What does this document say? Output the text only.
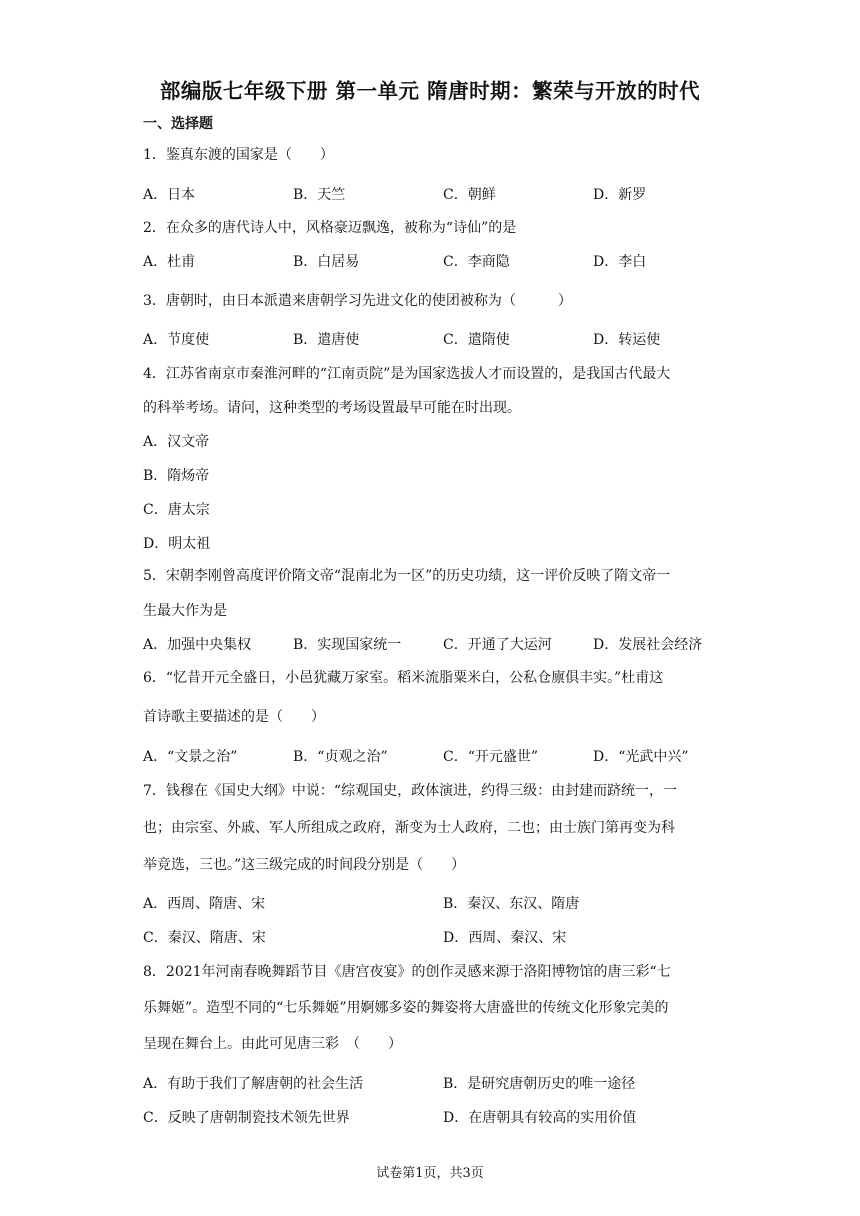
部编版七年级下册 第一单元 隋唐时期：繁荣与开放的时代
一、选择题
1．鉴真东渡的国家是（　　）
A．日本	B．天竺	C．朝鲜	D．新罗
2．在众多的唐代诗人中，风格豪迈飘逸，被称为“诗仙”的是
A．杜甫	B．白居易	C．李商隐	D．李白
3．唐朝时，由日本派遣来唐朝学习先进文化的使团被称为（　　　）
A．节度使	B．遣唐使	C．遣隋使	D．转运使
4．江苏省南京市秦淮河畔的“江南贡院”是为国家选拔人才而设置的，是我国古代最大
的科举考场。请问，这种类型的考场设置最早可能在时出现。
A．汉文帝
B．隋炀帝
C．唐太宗
D．明太祖
5．宋朝李刚曾高度评价隋文帝“混南北为一区”的历史功绩，这一评价反映了隋文帝一
生最大作为是
A．加强中央集权	B．实现国家统一	C．开通了大运河	D．发展社会经济
6．“忆昔开元全盛日，小邑犹藏万家室。稻米流脂粟米白，公私仓廪俱丰实。”杜甫这
首诗歌主要描述的是（　　）
A．“文景之治”	B．“贞观之治”	C．“开元盛世”	D．“光武中兴”
7．钱穆在《国史大纲》中说：“综观国史，政体演进，约得三级：由封建而跻统一，一
也；由宗室、外戚、军人所组成之政府，渐变为士人政府，二也；由士族门第再变为科
举竞选，三也。”这三级完成的时间段分别是（　　）
A．西周、隋唐、宋	B．秦汉、东汉、隋唐
C．秦汉、隋唐、宋	D．西周、秦汉、宋
8．2021年河南春晚舞蹈节目《唐宫夜宴》的创作灵感来源于洛阳博物馆的唐三彩“七
乐舞姬”。造型不同的“七乐舞姬”用婀娜多姿的舞姿将大唐盛世的传统文化形象完美的
呈现在舞台上。由此可见唐三彩　（　　）
A．有助于我们了解唐朝的社会生活	B．是研究唐朝历史的唯一途径
C．反映了唐朝制瓷技术领先世界	D．在唐朝具有较高的实用价值
试卷第1页，共3页
